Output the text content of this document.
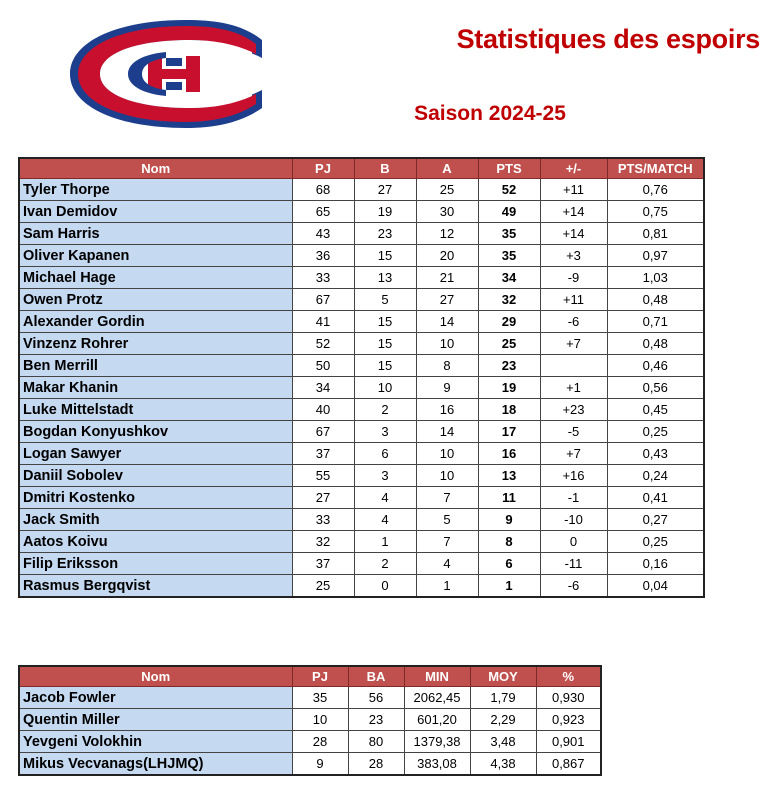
Statistiques des espoirs
Saison 2024-25
Nom	PJ	B	A	PTS	+/-	PTS/MATCH
Tyler Thorpe	68	27	25	52	+11	0,76
Ivan Demidov	65	19	30	49	+14	0,75
Sam Harris	43	23	12	35	+14	0,81
Oliver Kapanen	36	15	20	35	+3	0,97
Michael Hage	33	13	21	34	-9	1,03
Owen Protz	67	5	27	32	+11	0,48
Alexander Gordin	41	15	14	29	-6	0,71
Vinzenz Rohrer	52	15	10	25	+7	0,48
Ben Merrill	50	15	8	23		0,46
Makar Khanin	34	10	9	19	+1	0,56
Luke Mittelstadt	40	2	16	18	+23	0,45
Bogdan Konyushkov	67	3	14	17	-5	0,25
Logan Sawyer	37	6	10	16	+7	0,43
Daniil Sobolev	55	3	10	13	+16	0,24
Dmitri Kostenko	27	4	7	11	-1	0,41
Jack Smith	33	4	5	9	-10	0,27
Aatos Koivu	32	1	7	8	0	0,25
Filip Eriksson	37	2	4	6	-11	0,16
Rasmus Bergqvist	25	0	1	1	-6	0,04
Nom	PJ	BA	MIN	MOY	%
Jacob Fowler	35	56	2062,45	1,79	0,930
Quentin Miller	10	23	601,20	2,29	0,923
Yevgeni Volokhin	28	80	1379,38	3,48	0,901
Mikus Vecvanags(LHJMQ)	9	28	383,08	4,38	0,867
